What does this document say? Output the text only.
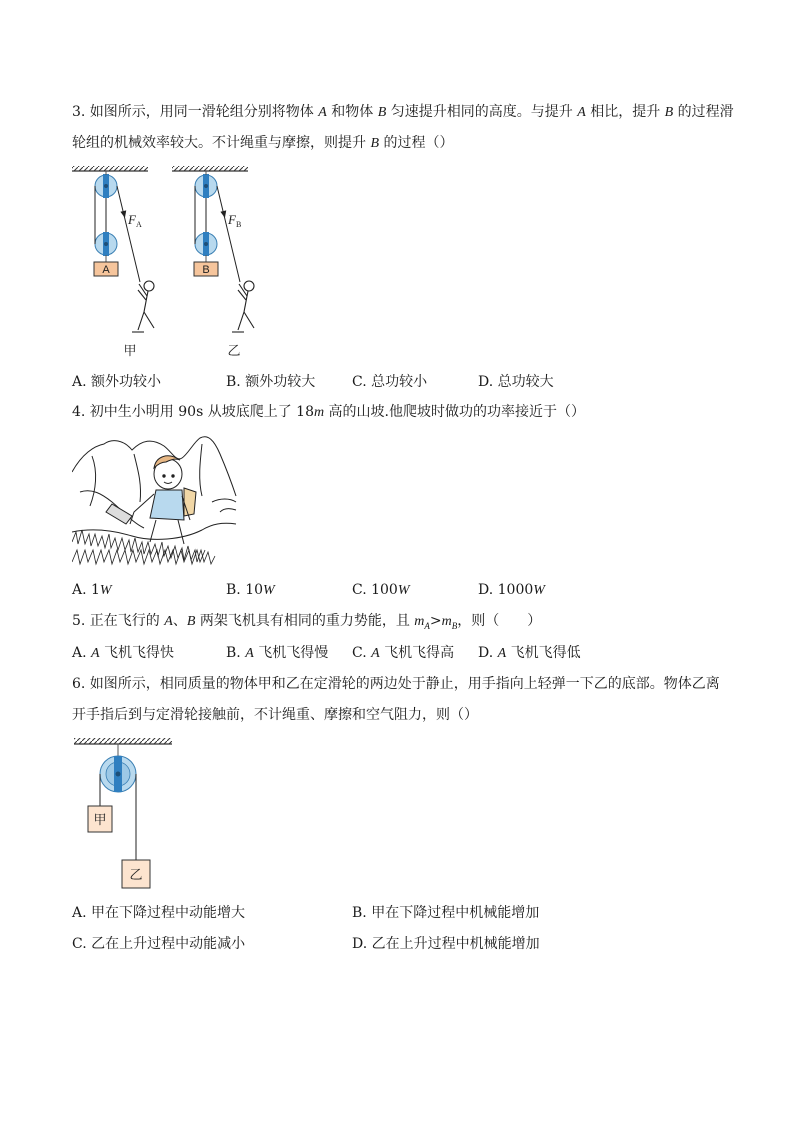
3. 如图所示，用同一滑轮组分别将物体 A 和物体 B 匀速提升相同的高度。与提升 A 相比，提升 B 的过程滑
轮组的机械效率较大。不计绳重与摩擦，则提升 B 的过程（）
A
$F_A$
甲
B
$F_B$
乙
A. 额外功较小	B. 额外功较大	C. 总功较小	D. 总功较大
4. 初中生小明用 90s 从坡底爬上了 18m 高的山坡.他爬坡时做功的功率接近于（）
A. 1W	B. 10W	C. 100W	D. 1000W
5. 正在飞行的 A、B 两架飞机具有相同的重力势能，且 $m_A>m_B$，则（　　）
A. A 飞机飞得快	B. A 飞机飞得慢 C. A 飞机飞得高 D. A 飞机飞得低
6. 如图所示，相同质量的物体甲和乙在定滑轮的两边处于静止，用手指向上轻弹一下乙的底部。物体乙离
开手指后到与定滑轮接触前，不计绳重、摩擦和空气阻力，则（）
甲
乙
A. 甲在下降过程中动能增大	B. 甲在下降过程中机械能增加
C. 乙在上升过程中动能减小	D. 乙在上升过程中机械能增加
